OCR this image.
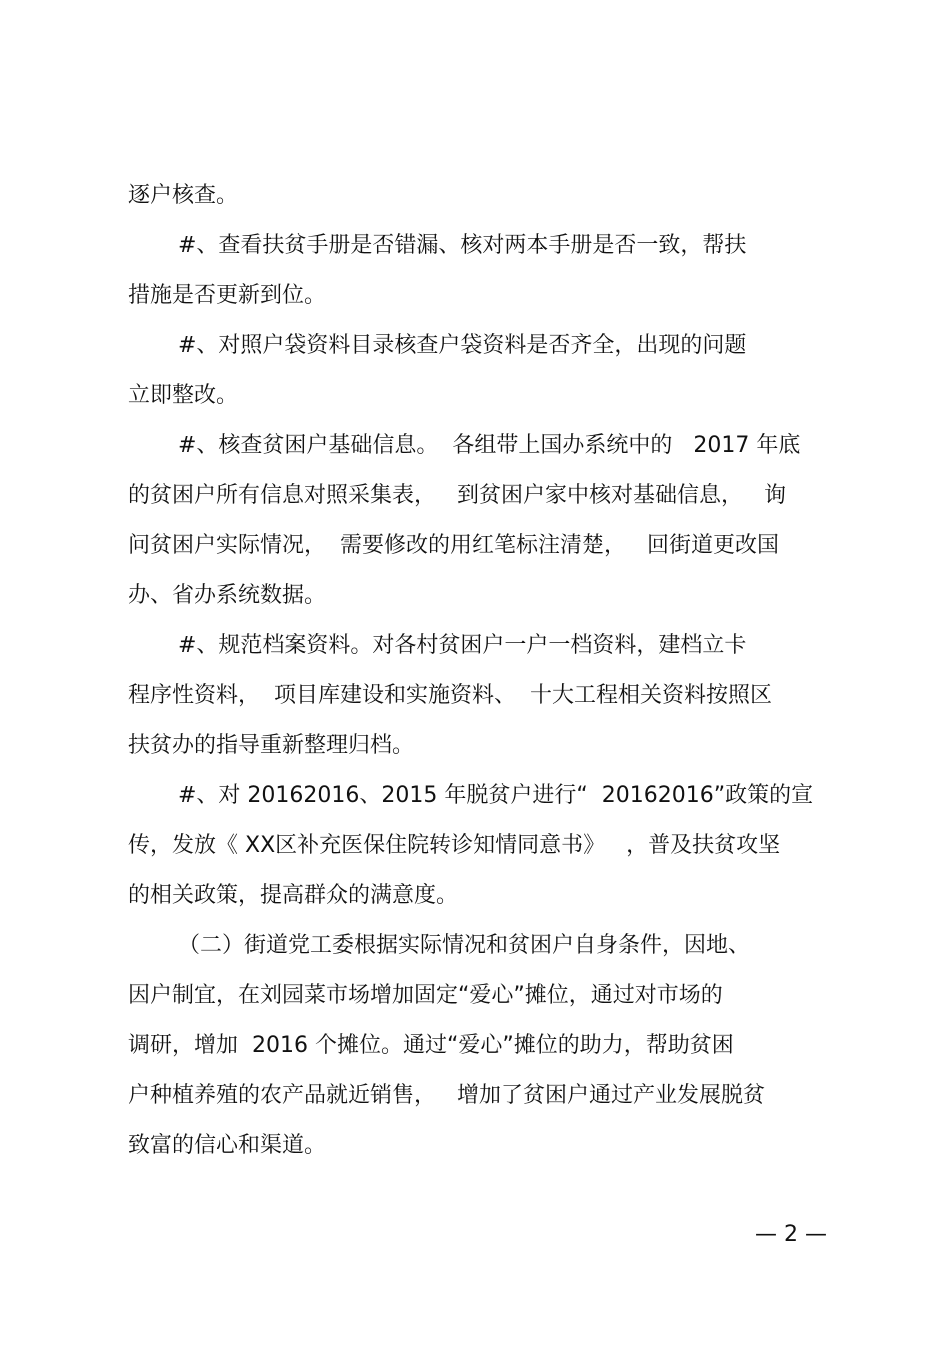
逐户核查。

#、查看扶贫手册是否错漏、核对两本手册是否一致，帮扶

措施是否更新到位。

#、对照户袋资料目录核查户袋资料是否齐全，出现的问题

立即整改。

#、核查贫困户基础信息。  各组带上国办系统中的   2017 年底

的贫困户所有信息对照采集表，   到贫困户家中核对基础信息，   询

问贫困户实际情况，  需要修改的用红笔标注清楚，   回街道更改国

办、省办系统数据。

#、规范档案资料。对各村贫困户一户一档资料，建档立卡

程序性资料，  项目库建设和实施资料、  十大工程相关资料按照区

扶贫办的指导重新整理归档。

#、对 20162016、2015 年脱贫户进行“  20162016”政策的宣

传，发放《 XX区补充医保住院转诊知情同意书》   ，普及扶贫攻坚

的相关政策，提高群众的满意度。

（二）街道党工委根据实际情况和贫困户自身条件，因地、

因户制宜，在刘园菜市场增加固定“爱心”摊位，通过对市场的

调研，增加  2016 个摊位。通过“爱心”摊位的助力，帮助贫困

户种植养殖的农产品就近销售，   增加了贫困户通过产业发展脱贫

致富的信心和渠道。

— 2 —
